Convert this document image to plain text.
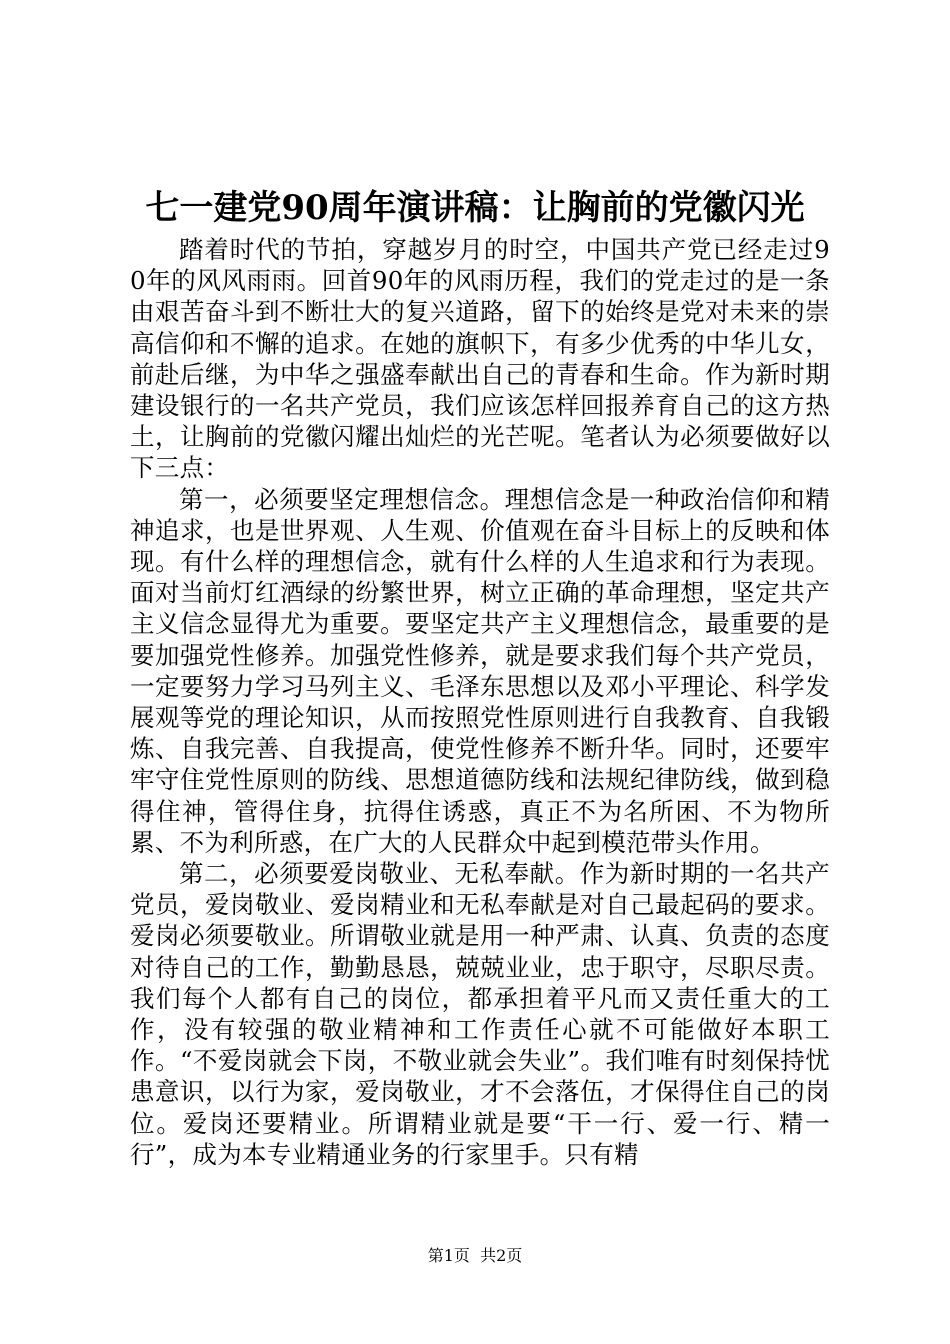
七一建党90周年演讲稿：让胸前的党徽闪光

踏着时代的节拍，穿越岁月的时空，中国共产党已经走过90年的风风雨雨。回首90年的风雨历程，我们的党走过的是一条由艰苦奋斗到不断壮大的复兴道路，留下的始终是党对未来的崇高信仰和不懈的追求。在她的旗帜下，有多少优秀的中华儿女，前赴后继，为中华之强盛奉献出自己的青春和生命。作为新时期建设银行的一名共产党员，我们应该怎样回报养育自己的这方热土，让胸前的党徽闪耀出灿烂的光芒呢。笔者认为必须要做好以下三点：

第一，必须要坚定理想信念。理想信念是一种政治信仰和精神追求，也是世界观、人生观、价值观在奋斗目标上的反映和体现。有什么样的理想信念，就有什么样的人生追求和行为表现。面对当前灯红酒绿的纷繁世界，树立正确的革命理想，坚定共产主义信念显得尤为重要。要坚定共产主义理想信念，最重要的是要加强党性修养。加强党性修养，就是要求我们每个共产党员，一定要努力学习马列主义、毛泽东思想以及邓小平理论、科学发展观等党的理论知识，从而按照党性原则进行自我教育、自我锻炼、自我完善、自我提高，使党性修养不断升华。同时，还要牢牢守住党性原则的防线、思想道德防线和法规纪律防线，做到稳得住神，管得住身，抗得住诱惑，真正不为名所困、不为物所累、不为利所惑，在广大的人民群众中起到模范带头作用。

第二，必须要爱岗敬业、无私奉献。作为新时期的一名共产党员，爱岗敬业、爱岗精业和无私奉献是对自己最起码的要求。爱岗必须要敬业。所谓敬业就是用一种严肃、认真、负责的态度对待自己的工作，勤勤恳恳，兢兢业业，忠于职守，尽职尽责。我们每个人都有自己的岗位，都承担着平凡而又责任重大的工作，没有较强的敬业精神和工作责任心就不可能做好本职工作。“不爱岗就会下岗，不敬业就会失业”。我们唯有时刻保持忧患意识，以行为家，爱岗敬业，才不会落伍，才保得住自己的岗位。爱岗还要精业。所谓精业就是要“干一行、爱一行、精一行”，成为本专业精通业务的行家里手。只有精

第1页  共2页
